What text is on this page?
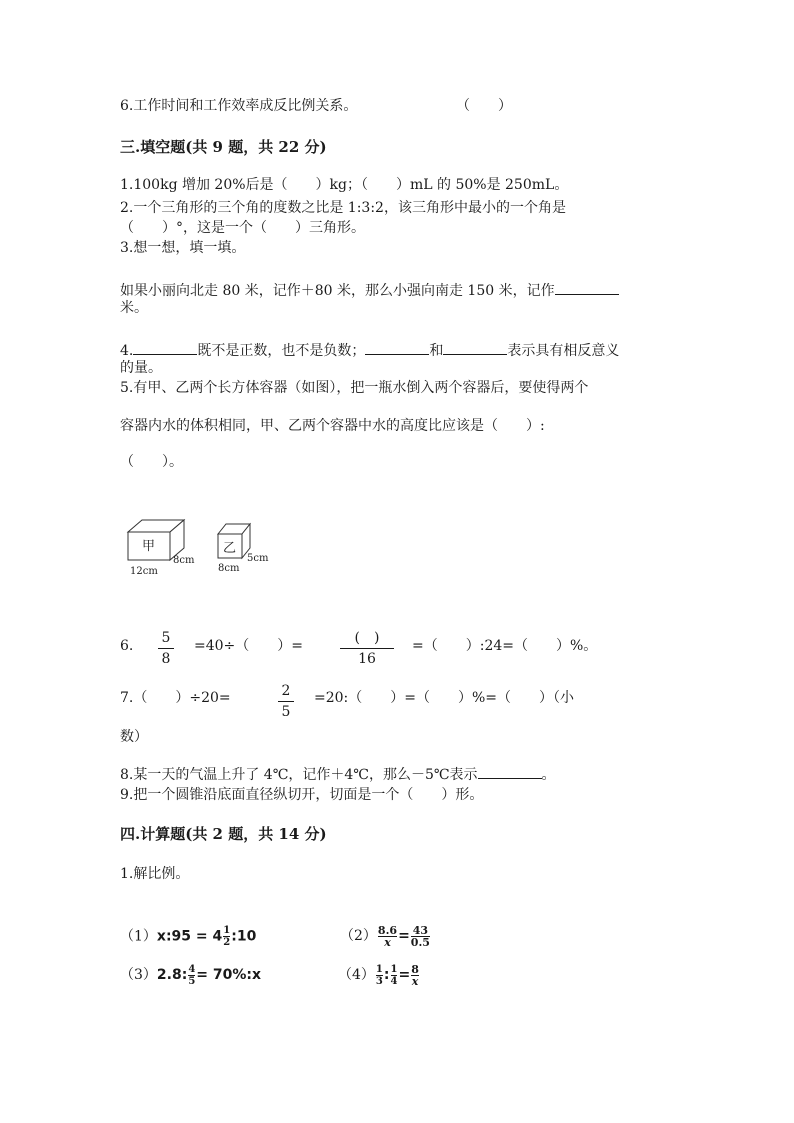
6.工作时间和工作效率成反比例关系。	（　　）
三.填空题(共 9 题，共 22 分)
1.100kg 增加 20%后是（　　）kg；（　　）mL 的 50%是 250mL。
2.一个三角形的三个角的度数之比是 1:3:2，该三角形中最小的一个角是
（　　）°，这是一个（　　）三角形。
3.想一想，填一填。
如果小丽向北走 80 米，记作＋80 米，那么小强向南走 150 米，记作
米。
4.	既不是正数，也不是负数；	和	表示具有相反意义
的量。
5.有甲、乙两个长方体容器（如图），把一瓶水倒入两个容器后，要使得两个
容器内水的体积相同，甲、乙两个容器中水的高度比应该是（　　）:
（　　）。
甲
12cm
8cm
乙
8cm
5cm
6. 5
8
=40÷（　　）=	(　)
16
=（　　）:24=（　　）%。
7.（　　）÷20=	2
5
=20:（　　）=（　　）%=（　　）（小
数）
8.某一天的气温上升了 4℃，记作＋4℃，那么－5℃表示	。
9.把一个圆锥沿底面直径纵切开，切面是一个（　　）形。
四.计算题(共 2 题，共 14 分)
1.解比例。
（1）x:95 = $4 \frac{1}{2}$ :10	$(2) \frac{8.6}{x} = \frac{43}{0.5}$
（3）2.8: $\frac{4}{5}$ = 70%:x	$(4) \frac{1}{3}$ : $\frac{1}{4} = \frac{8}{x}$
